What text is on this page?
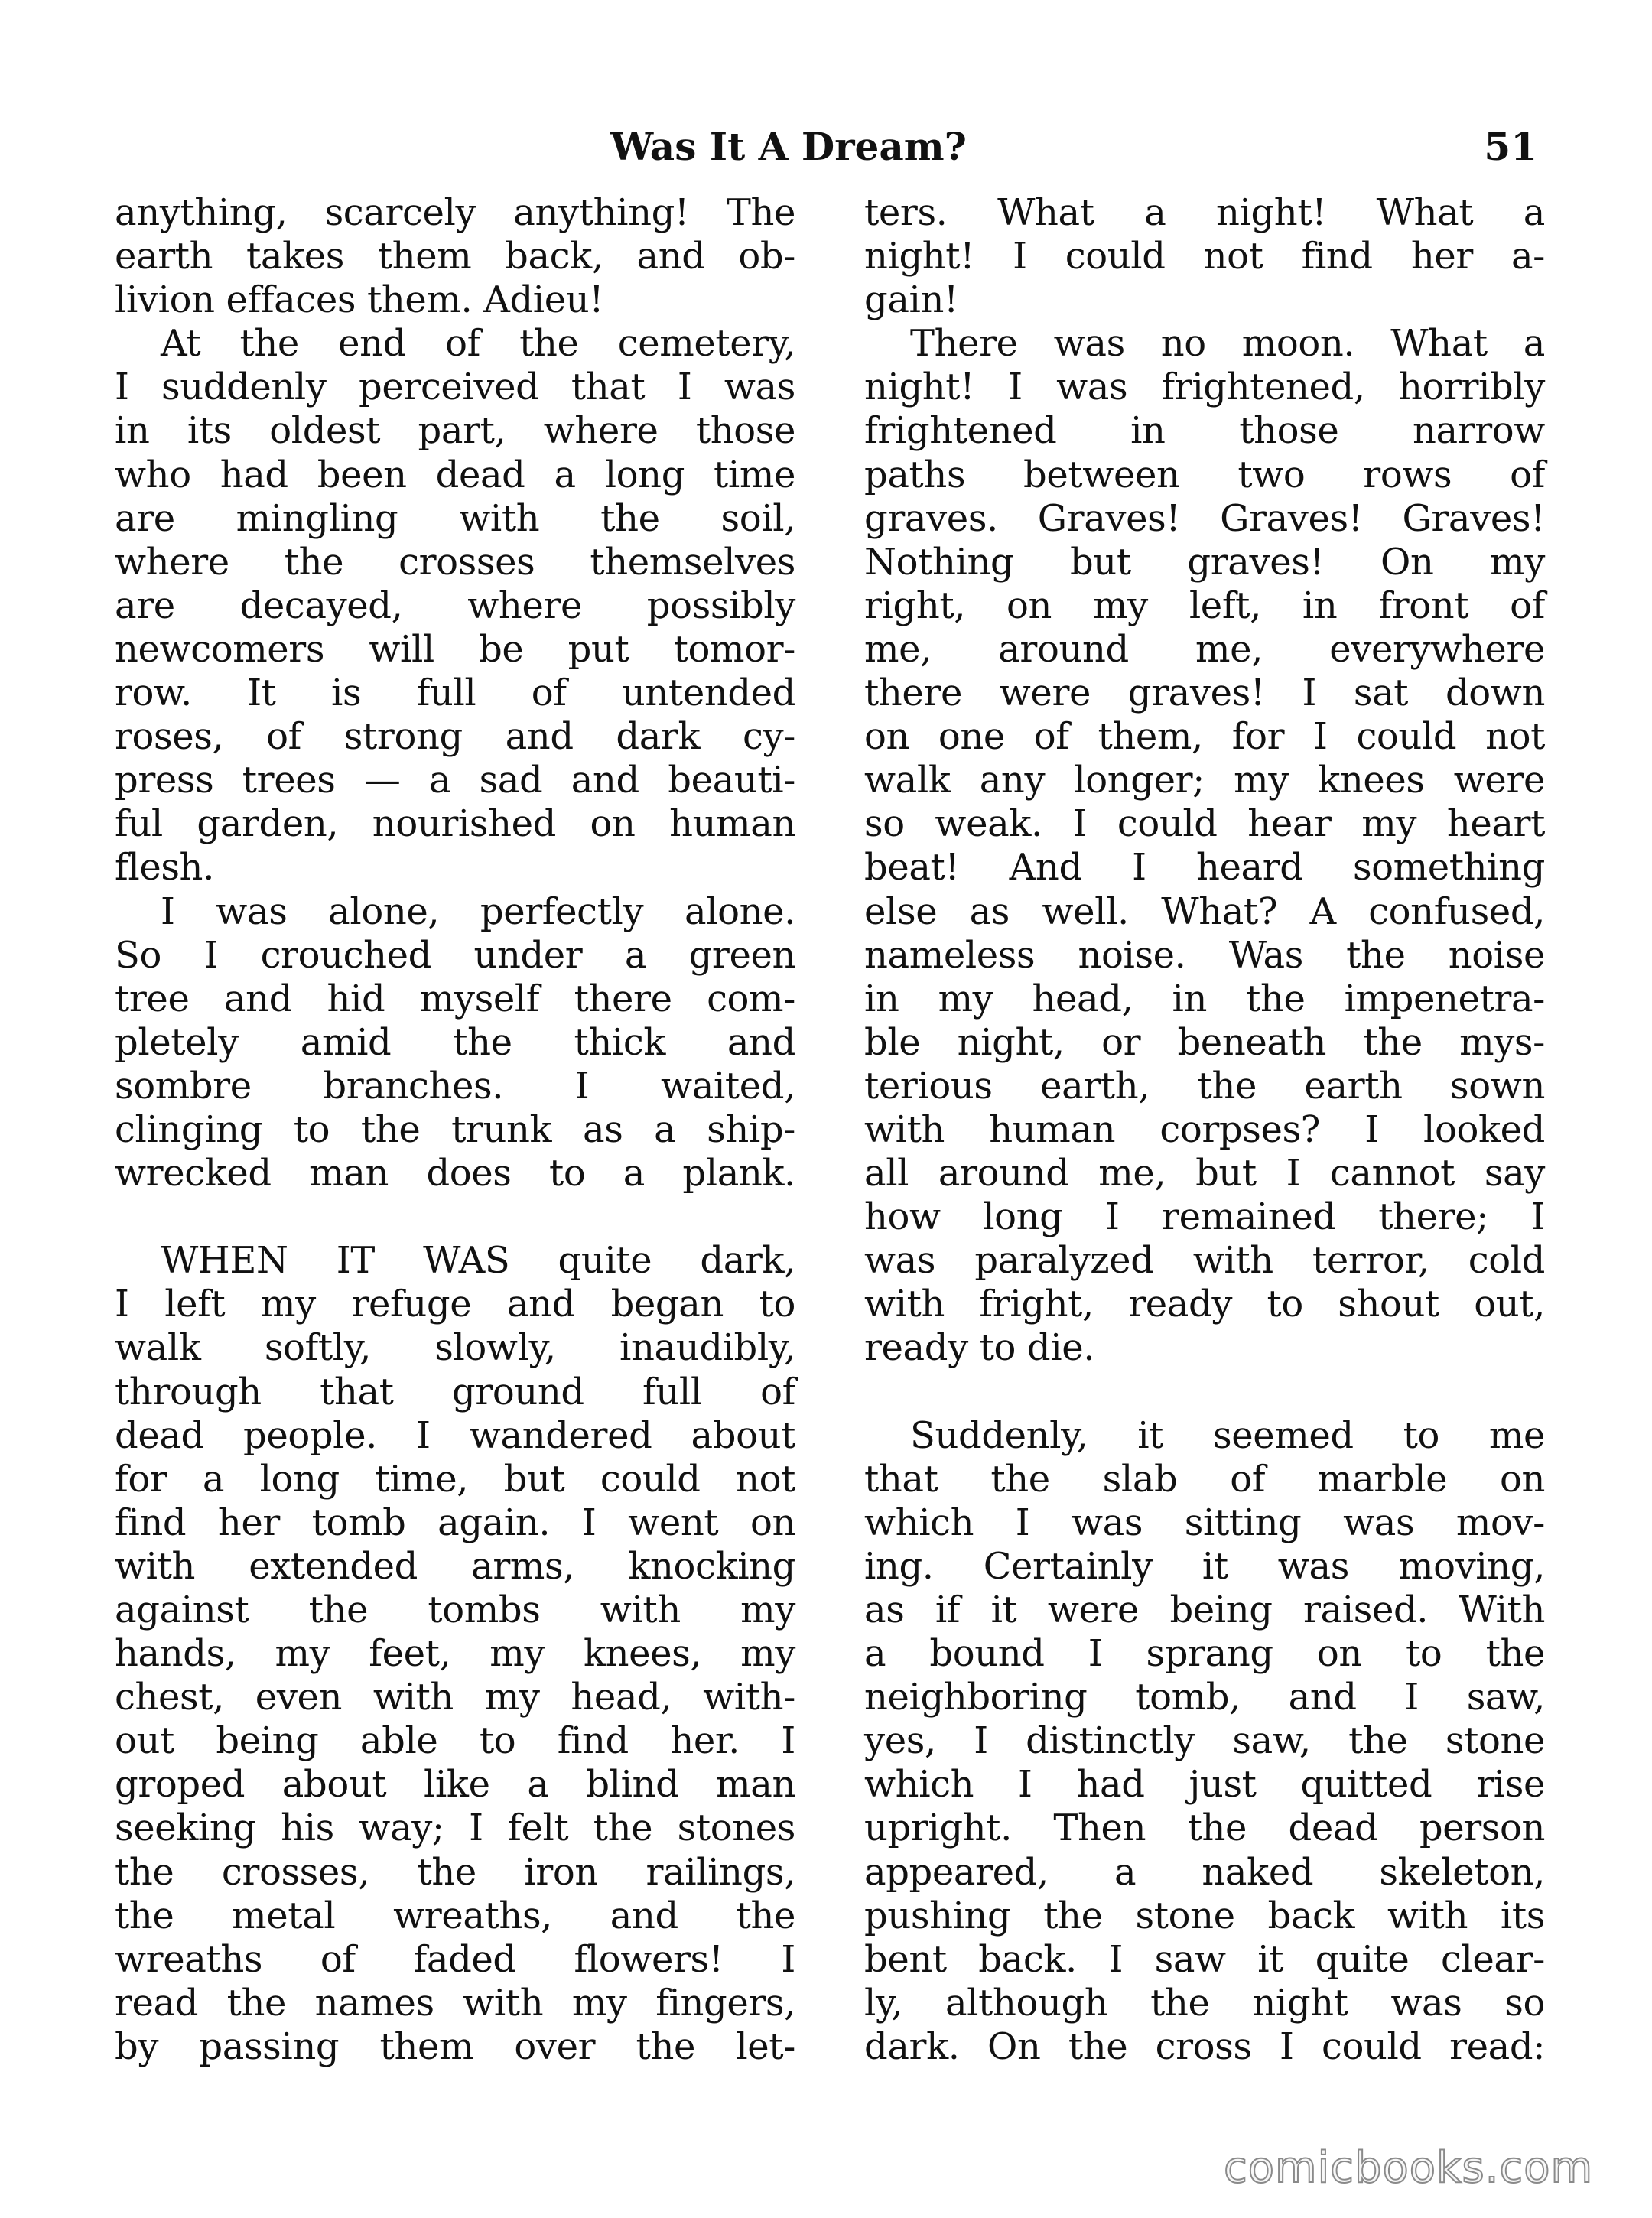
Was It A Dream?	51
anything, scarcely anything! The
earth takes them back, and ob-
livion effaces them. Adieu!
At the end of the cemetery,
I suddenly perceived that I was
in its oldest part, where those
who had been dead a long time
are mingling with the soil,
where the crosses themselves
are decayed, where possibly
newcomers will be put tomor-
row. It is full of untended
roses, of strong and dark cy-
press trees — a sad and beauti-
ful garden, nourished on human
flesh.
I was alone, perfectly alone.
So I crouched under a green
tree and hid myself there com-
pletely amid the thick and
sombre branches. I waited,
clinging to the trunk as a ship-
wrecked man does to a plank.
WHEN IT WAS quite dark,
I left my refuge and began to
walk softly, slowly, inaudibly,
through that ground full of
dead people. I wandered about
for a long time, but could not
find her tomb again. I went on
with extended arms, knocking
against the tombs with my
hands, my feet, my knees, my
chest, even with my head, with-
out being able to find her. I
groped about like a blind man
seeking his way; I felt the stones
the crosses, the iron railings,
the metal wreaths, and the
wreaths of faded flowers! I
read the names with my fingers,
by passing them over the let-
ters. What a night! What a
night! I could not find her a-
gain!
There was no moon. What a
night! I was frightened, horribly
frightened in those narrow
paths between two rows of
graves. Graves! Graves! Graves!
Nothing but graves! On my
right, on my left, in front of
me, around me, everywhere
there were graves! I sat down
on one of them, for I could not
walk any longer; my knees were
so weak. I could hear my heart
beat! And I heard something
else as well. What? A confused,
nameless noise. Was the noise
in my head, in the impenetra-
ble night, or beneath the mys-
terious earth, the earth sown
with human corpses? I looked
all around me, but I cannot say
how long I remained there; I
was paralyzed with terror, cold
with fright, ready to shout out,
ready to die.
Suddenly, it seemed to me
that the slab of marble on
which I was sitting was mov-
ing. Certainly it was moving,
as if it were being raised. With
a bound I sprang on to the
neighboring tomb, and I saw,
yes, I distinctly saw, the stone
which I had just quitted rise
upright. Then the dead person
appeared, a naked skeleton,
pushing the stone back with its
bent back. I saw it quite clear-
ly, although the night was so
dark. On the cross I could read:
comicbooks.com
